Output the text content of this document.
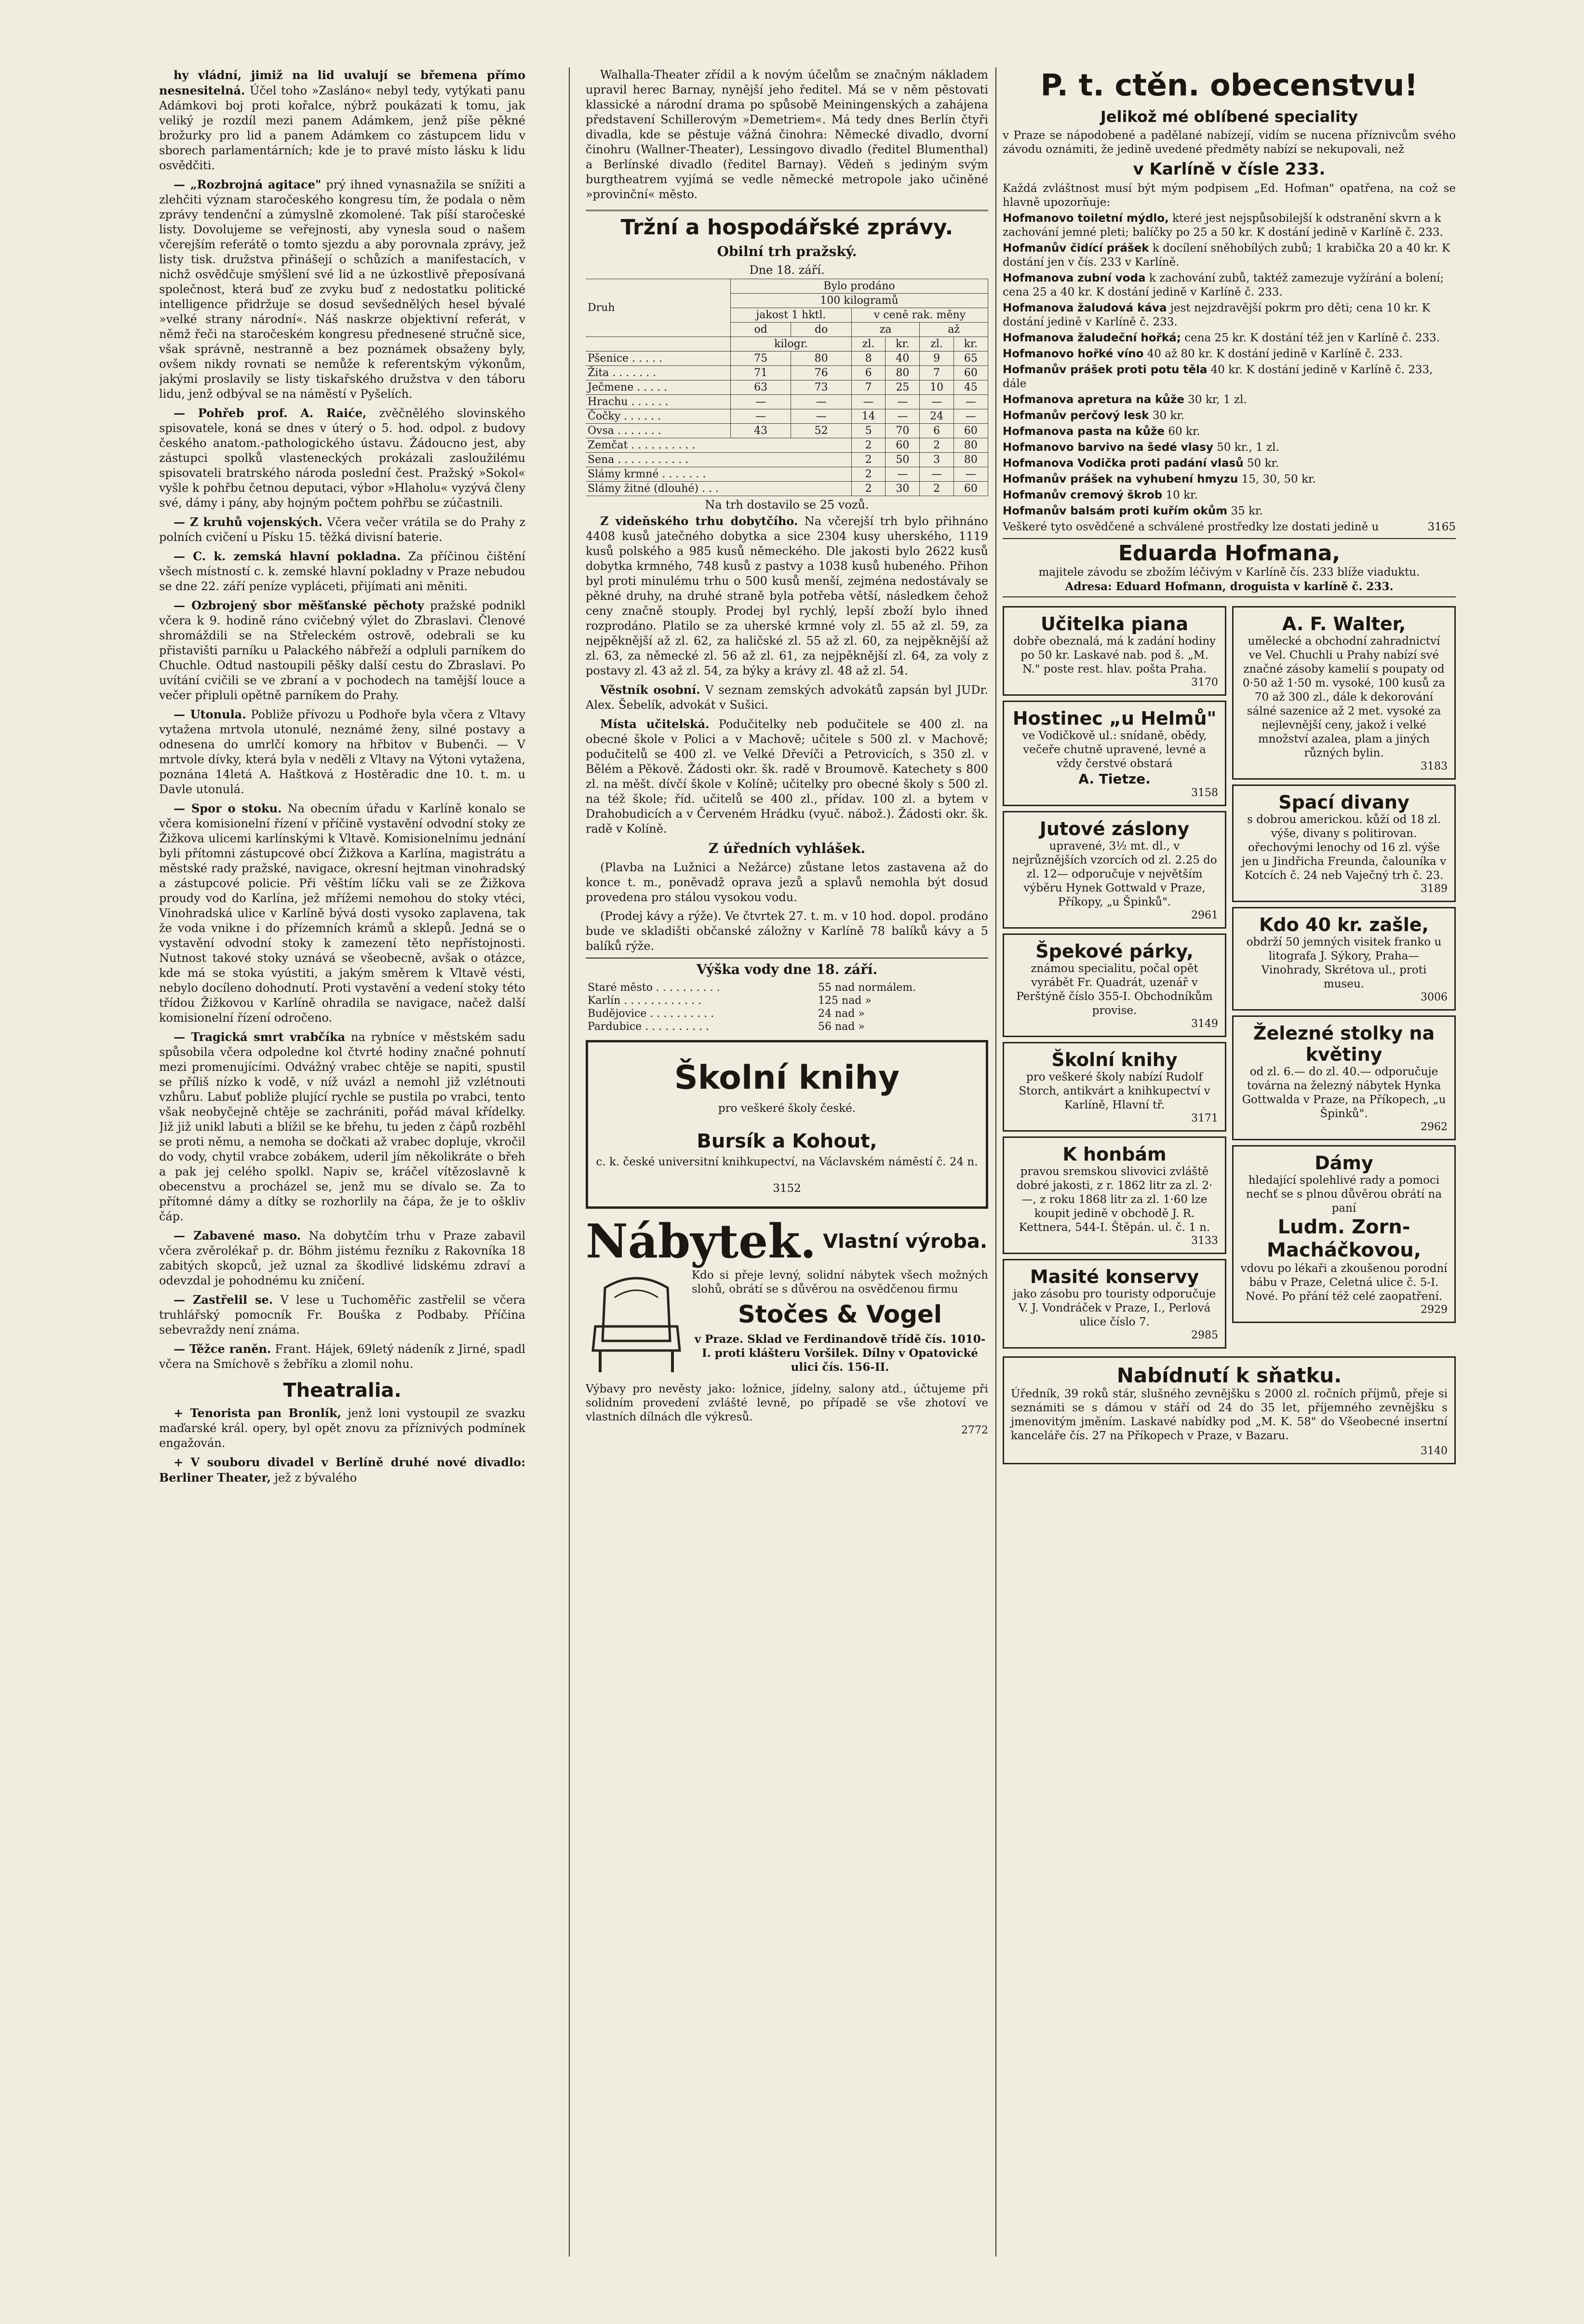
hy vládní, jimiž na lid uvalují se břemena přímo nesnesitelná. Účel toho »Zasláno« nebyl tedy, vytýkati panu Adámkovi boj proti kořalce, nýbrž poukázati k tomu, jak veliký je rozdíl mezi panem Adámkem, jenž píše pěkné brožurky pro lid a panem Adámkem co zástupcem lidu v sborech parlamentárních; kde je to pravé místo lásku k lidu osvědčiti.

— „Rozbrojná agitace" prý ihned vynasnažila se snížiti a zlehčiti význam staročeského kongresu tím, že podala o něm zprávy tendenční a zúmyslně zkomolené. Tak píší staročeské listy. Dovolujeme se veřejnosti, aby vynesla soud o našem včerejším referátě o tomto sjezdu a aby porovnala zprávy, jež listy tisk. družstva přinášejí o schůzích a manifestacích, v nichž osvědčuje smýšlení své lid a ne úzkostlivě přeposívaná společnost, která buď ze zvyku buď z nedostatku politické intelligence přidržuje se dosud sevšednělých hesel bývalé »velké strany národní«. Náš naskrze objektivní referát, v němž řeči na staročeském kongresu přednesené stručně sice, však správně, nestranně a bez poznámek obsaženy byly, ovšem nikdy rovnati se nemůže k referentským výkonům, jakými proslavily se listy tiskařského družstva v den táboru lidu, jenž odbýval se na náměstí v Pyšelích.

— Pohřeb prof. A. Raiće, zvěčnělého slovinského spisovatele, koná se dnes v úterý o 5. hod. odpol. z budovy českého anatom.-pathologického ústavu. Žádoucno jest, aby zástupci spolků vlasteneckých prokázali zasloužilému spisovateli bratrského národa poslední čest. Pražský »Sokol« vyšle k pohřbu četnou deputaci, výbor »Hlaholu« vyzývá členy své, dámy i pány, aby hojným počtem pohřbu se zúčastnili.

— Z kruhů vojenských. Včera večer vrátila se do Prahy z polních cvičení u Písku 15. těžká divisní baterie.

— C. k. zemská hlavní pokladna. Za příčinou čištění všech místností c. k. zemské hlavní pokladny v Praze nebudou se dne 22. září peníze vypláceti, přijímati ani měniti.

— Ozbrojený sbor měšťanské pěchoty pražské podnikl včera k 9. hodině ráno cvičebný výlet do Zbraslavi. Členové shromáždili se na Střeleckém ostrově, odebrali se ku přistavišti parníku u Palackého nábřeží a odpluli parníkem do Chuchle. Odtud nastoupili pěšky další cestu do Zbraslavi. Po uvítání cvičili se ve zbraní a v pochodech na tamější louce a večer připluli opětně parníkem do Prahy.

— Utonula. Pobliže přívozu u Podhoře byla včera z Vltavy vytažena mrtvola utonulé, neznámé ženy, silné postavy a odnesena do umrlčí komory na hřbitov v Bubenči. — V mrtvole dívky, která byla v neděli z Vltavy na Výtoni vytažena, poznána 14letá A. Haštková z Hostěradic dne 10. t. m. u Davle utonulá.

— Spor o stoku. Na obecním úřadu v Karlíně konalo se včera komisionelní řízení v příčině vystavění odvodní stoky ze Žižkova ulicemi karlínskými k Vltavě. Komisionelnímu jednání byli přítomni zástupcové obcí Žižkova a Karlína, magistrátu a městské rady pražské, navigace, okresní hejtman vinohradský a zástupcové policie. Při věštím líčku vali se ze Žižkova proudy vod do Karlína, jež mřížemi nemohou do stoky vtéci, Vinohradská ulice v Karlíně bývá dosti vysoko zaplavena, tak že voda vniknе i do přízemních krámů a sklepů. Jedná se o vystavění odvodní stoky k zamezení těto nepřístojnosti. Nutnost takové stoky uznává se všeobecně, avšak o otázce, kde má se stoka vyústiti, a jakým směrem k Vltavě vésti, nebylo docíleno dohodnutí. Proti vystavění a vedení stoky této třídou Žižkovou v Karlíně ohradila se navigace, načež další komisionelní řízení odročeno.

— Tragická smrt vrabčíka na rybníce v městském sadu spůsobila včera odpoledne kol čtvrté hodiny značné pohnutí mezi promenujícími. Odvážný vrabec chtěje se napiti, spustil se příliš nízko k vodě, v níž uvázl a nemohl již vzlétnouti vzhůru. Labuť pobliže plující rychle se pustila po vrabci, tento však neobyčejně chtěje se zachrániti, pořád mával křídelky. Již již unikl labuti a blížil se ke břehu, tu jeden z čápů rozběhl se proti němu, a nemoha se dočkati až vrabec dopluje, vkročil do vody, chytil vrabce zobákem, uderil jím několikráte o břeh a pak jej celého spolkl. Napiv se, kráčel vítězoslavně k obecenstvu a procházel se, jenž mu se dívalo se. Za to přítomné dámy a dítky se rozhorlily na čápa, že je to oškliv čáp.

— Zabavené maso. Na dobytčím trhu v Praze zabavil včera zvěrolékař p. dr. Böhm jistému řezníku z Rakovníka 18 zabitých skopců, jež uznal za škodlivé lidskému zdraví a odevzdal je pohodnému ku zničení.

— Zastřelil se. V lese u Tuchoměřic zastřelil se včera truhlářský pomocník Fr. Bouška z Podbaby. Příčina sebevraždy není známa.

— Těžce raněn. Frant. Hájek, 69letý nádeník z Jirné, spadl včera na Smíchově s žebříku a zlomil nohu.

Theatralia.

+ Tenorista pan Bronlík, jenž loni vystoupil ze svazku maďarské král. opery, byl opět znovu za příznivých podmínek engažován.

+ V souboru divadel v Berlíně druhé nové divadlo: Berliner Theater, jež z bývalého

Walhalla-Theater zřídil a k novým účelům se značným nákladem upravil herec Barnay, nynější jeho ředitel. Má se v něm pěstovati klassické a národní drama po spůsobě Meiningenských a zahájena představení Schillerovým »Demetriem«. Má tedy dnes Berlín čtyři divadla, kde se pěstuje vážná činohra: Německé divadlo, dvorní činohru (Wallner-Theater), Lessingovo divadlo (ředitel Blumenthal) a Berlínské divadlo (ředitel Barnay). Vědeň s jediným svým burgtheatrem vyjímá se vedle německé metropole jako učiněné »provinční« město.

Tržní a hospodářské zprávy.
Obilní trh pražský.
Dne 18. září.
Druh	Bylo prodáno					
	100 kilogramů					
	jakost 1 hktl.		v ceně rak. měny			
	od	do	za		až	
	kilogr.		zl.	kr.	zl.	kr.
Pšenice . . . . .	75	80	8	40	9	65
Žita . . . . . . .	71	76	6	80	7	60
Ječmene . . . . .	63	73	7	25	10	45
Hrachu . . . . . .	—	—	—	—	—	—
Čočky . . . . . .	—	—	14	—	24	—
Ovsa . . . . . . .	43	52	5	70	6	60
Zemčat . . . . . . . . . .			2	60	2	80
Sena . . . . . . . . . . .			2	50	3	80
Slámy krmné . . . . . . .			2	—	—	—
Slámy žitné (dlouhé) . . .			2	30	2	60
Na trh dostavilo se 25 vozů.

Z videňského trhu dobytčího. Na včerejší trh bylo přihnáno 4408 kusů jatečného dobytka a sice 2304 kusy uherského, 1119 kusů polského a 985 kusů německého. Dle jakosti bylo 2622 kusů dobytka krmného, 748 kusů z pastvy a 1038 kusů hubeného. Přihon byl proti minulému trhu o 500 kusů menší, zejména nedostávaly se pěkné druhy, na druhé straně byla potřeba větší, následkem čehož ceny značně stouply. Prodej byl rychlý, lepší zboží bylo ihned rozprodáno. Platilo se za uherské krmné voly zl. 55 až zl. 59, za nejpěknější až zl. 62, za haličské zl. 55 až zl. 60, za nejpěknější až zl. 63, za německé zl. 56 až zl. 61, za nejpěknější zl. 64, za voly z postavy zl. 43 až zl. 54, za býky a krávy zl. 48 až zl. 54.

Věstník osobní. V seznam zemských advokátů zapsán byl JUDr. Alex. Šebelík, advokát v Sušici.

Místa učitelská. Podučitelky neb podučitele se 400 zl. na obecné škole v Polici a v Machově; učitele s 500 zl. v Machově; podučitelů se 400 zl. ve Velké Dřevíči a Petrovicích, s 350 zl. v Bělém a Pěkově. Žádosti okr. šk. radě v Broumově. Katechety s 800 zl. na měšt. dívčí škole v Kolíně; učitelky pro obecné školy s 500 zl. na též škole; říd. učitelů se 400 zl., přídav. 100 zl. a bytem v Drahobudicích a v Červeném Hrádku (vyuč. nábož.). Žádosti okr. šk. radě v Kolíně.

Z úředních vyhlášek.

(Plavba na Lužnici a Nežárce) zůstane letos zastavena až do konce t. m., poněvadž oprava jezů a splavů nemohla být dosud provedena pro stálou vysokou vodu.

(Prodej kávy a rýže). Ve čtvrtek 27. t. m. v 10 hod. dopol. prodáno bude ve skladišti občanské záložny v Karlíně 78 balíků kávy a 5 balíků rýže.

Výška vody dne 18. září.
Staré město . . . . . . . . . .	55 nad normálem.
Karlín . . . . . . . . . . . .	125 nad »
Budějovice . . . . . . . . . .	24 nad »
Pardubice . . . . . . . . . .	56 nad »
Školní knihy
pro veškeré školy české.
Bursík a Kohout,
c. k. české universitní knihkupectví, na Václavském náměstí č. 24 n.
3152
Nábytek. Vlastní výroba.
Kdo si přeje levný, solidní nábytek všech možných slohů, obrátí se s důvěrou na osvědčenou firmu
Stočes & Vogel
v Praze. Sklad ve Ferdinandově třídě čís. 1010-I. proti klášteru Voršilek. Dílny v Opatovické ulici čís. 156-II.
Výbavy pro nevěsty jako: ložnice, jídelny, salony atd., účtujeme při solidním provedení zvlášté levně, po případě se vše zhotoví ve vlastních dílnách dle výkresů.
2772
P. t. ctěn. obecenstvu!
Jelikož mé oblíbené speciality
v Praze se nápodobené a padělané nabízejí, vidím se nucena příznivcům svého závodu oznámiti, že jedině uvedené předměty nabízí se nekupovali, než
v Karlíně v čísle 233.
Každá zvláštnost musí být mým podpisem „Ed. Hofman" opatřena, na což se hlavně upozorňuje:
Hofmanovo toiletní mýdlo, které jest nejspůsobilejší k odstranění skvrn a k zachování jemné pleti; balíčky po 25 a 50 kr. K dostání jedině v Karlíně č. 233.
Hofmanův čidící prášek k docílení sněhobílých zubů; 1 krabička 20 a 40 kr. K dostání jen v čís. 233 v Karlíně.
Hofmanova zubní voda k zachování zubů, taktéž zamezuje vyžírání a bolení; cena 25 a 40 kr. K dostání jedině v Karlíně č. 233.
Hofmanova žaludová káva jest nejzdravější pokrm pro děti; cena 10 kr. K dostání jedině v Karlíně č. 233.
Hofmanova žaludeční hořká; cena 25 kr. K dostání též jen v Karlíně č. 233.
Hofmanovo hořké víno 40 až 80 kr. K dostání jedině v Karlíně č. 233.
Hofmanův prášek proti potu těla 40 kr. K dostání jedině v Karlíně č. 233, dále
Hofmanova apretura na kůže 30 kr, 1 zl.
Hofmanův perčový lesk 30 kr.
Hofmanova pasta na kůže 60 kr.
Hofmanovo barvivo na šedé vlasy 50 kr., 1 zl.
Hofmanova Vodička proti padání vlasů 50 kr.
Hofmanův prášek na vyhubení hmyzu 15, 30, 50 kr.
Hofmanův cremový škrob 10 kr.
Hofmanův balsám proti kuřím okům 35 kr.
Veškeré tyto osvědčené a schválené prostředky lze dostati jedině u	3165
Eduarda Hofmana,
majitele závodu se zbožím léčivým v Karlíně čís. 233 blíže viaduktu.
Adresa: Eduard Hofmann, droguista v karlíně č. 233.
Učitelka piana
dobře obeznalá, má k zadání hodiny po 50 kr. Laskavé nab. pod š. „M. N." poste rest. hlav. pošta Praha.
3170
Hostinec „u Helmů"
ve Vodičkově ul.: snídaně, obědy, večeře chutně upravené, levné a vždy čerstvé obstará
A. Tietze.
3158
Jutové záslony
upravené, 3½ mt. dl., v nejrůznějších vzorcích od zl. 2.25 do zl. 12— odporučuje v největším výběru Hynek Gottwald v Praze, Příkopy, „u Špinků".
2961
Špekové párky,
známou specialitu, počal opět vyrábět Fr. Quadrát, uzenář v Perštýně číslo 355-I. Obchodníkům provise.
3149
Školní knihy
pro veškeré školy nabízí Rudolf Storch, antikvárt a knihkupectví v Karlíně, Hlavní tř.
3171
K honbám
pravou sremskou slivovici zvláště dobré jakosti, z r. 1862 litr za zl. 2·—, z roku 1868 litr za zl. 1·60 lze koupit jedině v obchodě J. R. Kettnera, 544-I. Štěpán. ul. č. 1 n.
3133
Masité konservy
jako zásobu pro touristy odporučuje V. J. Vondráček v Praze, I., Perlová ulice číslo 7.
2985
A. F. Walter,
umělecké a obchodní zahradnictví ve Vel. Chuchli u Prahy nabízí své značné zásoby kamelií s poupaty od 0·50 až 1·50 m. vysoké, 100 kusů za 70 až 300 zl., dále k dekorování sálné sazenice až 2 met. vysoké za nejlevnější ceny, jakož i velké množství azalea, plam a jiných různých bylin.
3183
Spací divany
s dobrou americkou. kůží od 18 zl. výše, divany s politirovan. ořechovými lenochy od 16 zl. výše jen u Jindřicha Freunda, čalouníka v Kotcích č. 24 neb Vaječný trh č. 23.
3189
Kdo 40 kr. zašle,
obdrží 50 jemných visitek franko u litografa J. Sýkory, Praha—Vinohrady, Skrétova ul., proti museu.
3006
Železné stolky na květiny
od zl. 6.— do zl. 40.— odporučuje továrna na železný nábytek Hynka Gottwalda v Praze, na Příkopech, „u Špinků".
2962
Dámy
hledající spolehlivé rady a pomoci nechť se s plnou důvěrou obrátí na paní
Ludm. Zorn-Macháčkovou,
vdovu po lékaři a zkoušenou porodní bábu v Praze, Celetná ulice č. 5-I. Nové. Po přání též celé zaopatření.
2929
Nabídnutí k sňatku.
Úředník, 39 roků stár, slušného zevnějšku s 2000 zl. ročních příjmů, přeje si seznámiti se s dámou v stáří od 24 do 35 let, příjemného zevnějšku s jmenovitým jměním. Laskavé nabídky pod „M. K. 58" do Všeobecné insertní kanceláře čís. 27 na Příkopech v Praze, v Bazaru.
3140
